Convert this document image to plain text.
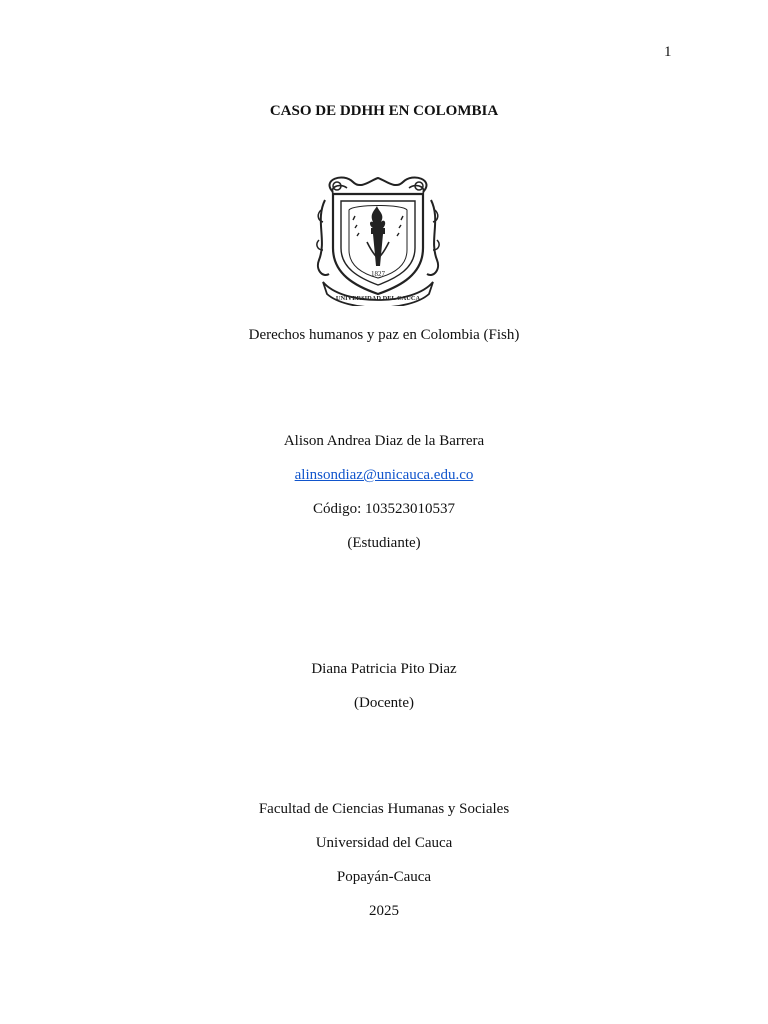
1
CASO DE DDHH EN COLOMBIA
1827
UNIVERSIDAD DEL CAUCA
Derechos humanos y paz en Colombia (Fish)
Alison Andrea Diaz de la Barrera
alinsondiaz@unicauca.edu.co
Código: 103523010537
(Estudiante)
Diana Patricia Pito Diaz
(Docente)
Facultad de Ciencias Humanas y Sociales
Universidad del Cauca
Popayán-Cauca
2025
